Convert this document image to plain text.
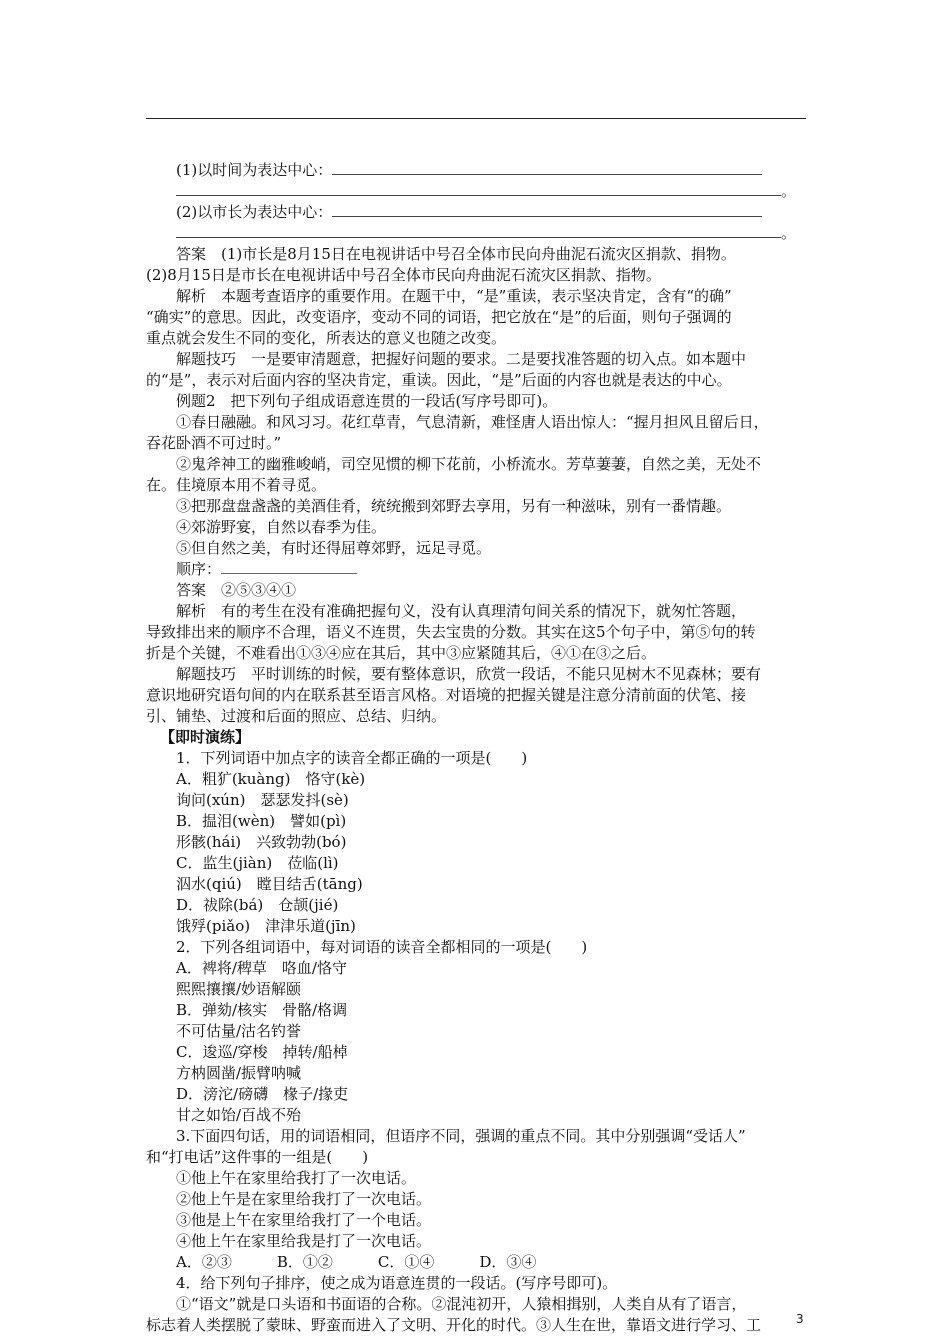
(1)以时间为表达中心：
。
(2)以市长为表达中心：
。
答案　(1)市长是8月15日在电视讲话中号召全体市民向舟曲泥石流灾区捐款、捐物。
(2)8月15日是市长在电视讲话中号召全体市民向舟曲泥石流灾区捐款、指物。
解析　本题考查语序的重要作用。在题干中，“是”重读，表示坚决肯定，含有“的确”
“确实”的意思。因此，改变语序，变动不同的词语，把它放在“是”的后面，则句子强调的
重点就会发生不同的变化，所表达的意义也随之改变。
解题技巧　一是要审清题意，把握好问题的要求。二是要找准答题的切入点。如本题中
的“是”，表示对后面内容的坚决肯定，重读。因此，“是”后面的内容也就是表达的中心。
例题2　把下列句子组成语意连贯的一段话(写序号即可)。
①春日融融。和风习习。花红草青，气息清新，难怪唐人语出惊人：“握月担风且留后日，
吞花卧酒不可过时。”
②鬼斧神工的幽雅峻峭，司空见惯的柳下花前，小桥流水。芳草萋萋，自然之美，无处不
在。佳境原本用不着寻觅。
③把那盘盘盏盏的美酒佳肴，统统搬到郊野去享用，另有一种滋味，别有一番情趣。
④郊游野宴，自然以春季为佳。
⑤但自然之美，有时还得屈尊郊野，远足寻觅。
顺序：
答案　②⑤③④①
解析　有的考生在没有准确把握句义，没有认真理清句间关系的情况下，就匆忙答题，
导致排出来的顺序不合理，语义不连贯，失去宝贵的分数。其实在这5个句子中，第⑤句的转
折是个关键，不难看出①③④应在其后，其中③应紧随其后，④①在③之后。
解题技巧　平时训练的时候，要有整体意识，欣赏一段话，不能只见树木不见森林；要有
意识地研究语句间的内在联系甚至语言风格。对语境的把握关键是注意分清前面的伏笔、接
引、铺垫、过渡和后面的照应、总结、归纳。
【即时演练】
1．下列词语中加点字的读音全都正确的一项是(　　)
A．粗犷(kuàng)　恪守(kè)
询问(xún)　瑟瑟发抖(sè)
B．揾泪(wèn)　譬如(pì)
形骸(hái)　兴致勃勃(bó)
C．监生(jiàn)　莅临(lì)
泅水(qiú)　瞠目结舌(tāng)
D．祓除(bá)　仓颉(jié)
饿殍(piǎo)　津津乐道(jīn)
2．下列各组词语中，每对词语的读音全都相同的一项是(　　)
A．裨将/稗草　咯血/恪守
熙熙攘攘/妙语解颐
B．弹劾/核实　骨骼/格调
不可估量/沽名钓誉
C．逡巡/穿梭　掉转/船棹
方枘圆凿/振臂呐喊
D．滂沱/磅礴　椽子/掾吏
甘之如饴/百战不殆
3.下面四句话，用的词语相同，但语序不同，强调的重点不同。其中分别强调“受话人”
和“打电话”这件事的一组是(　　)
①他上午在家里给我打了一次电话。
②他上午是在家里给我打了一次电话。
③他是上午在家里给我打了一个电话。
④他上午在家里给我是打了一次电话。
A．②③　　　B．①②　　　C．①④　　　D．③④
4．给下列句子排序，使之成为语意连贯的一段话。(写序号即可)。
①“语文”就是口头语和书面语的合称。②混沌初开，人猿相揖别，人类自从有了语言，
标志着人类摆脱了蒙昧、野蛮而进入了文明、开化的时代。③人生在世，靠语文进行学习、工	3
